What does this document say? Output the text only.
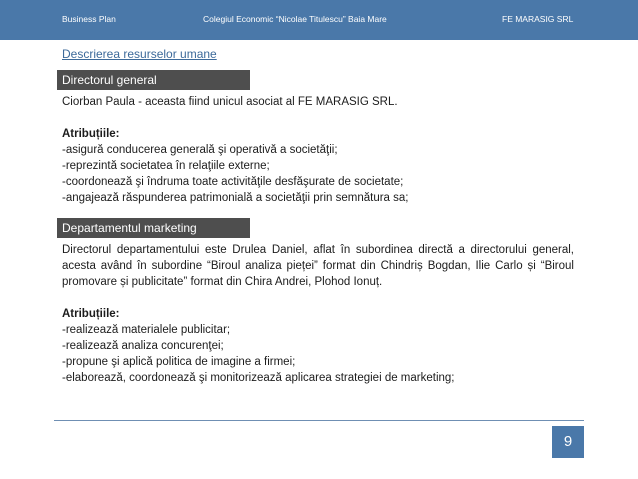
Business Plan	Colegiul Economic “Nicolae Titulescu” Baia Mare	FE MARASIG SRL
Descrierea resurselor umane
Directorul general

Ciorban Paula - aceasta fiind unicul asociat al FE MARASIG SRL.

Atribuțiile:

-asigură conducerea generală şi operativă a societăţii;

-reprezintă societatea în relaţiile externe;

-coordonează şi îndruma toate activităţile desfăşurate de societate;

-angajează răspunderea patrimonială a societăţii prin semnătura sa;

Departamentul marketing

Directorul departamentului este Drulea Daniel, aflat în subordinea directă a directorului general, acesta având în subordine “Biroul analiza pieței” format din Chindriș Bogdan, Ilie Carlo și “Biroul promovare și publicitate” format din Chira Andrei, Plohod Ionuț.

Atribuțiile:

-realizează materialele publicitar;

-realizează analiza concurenţei;

-propune şi aplică politica de imagine a firmei;

-elaborează, coordonează şi monitorizează aplicarea strategiei de marketing;

9
